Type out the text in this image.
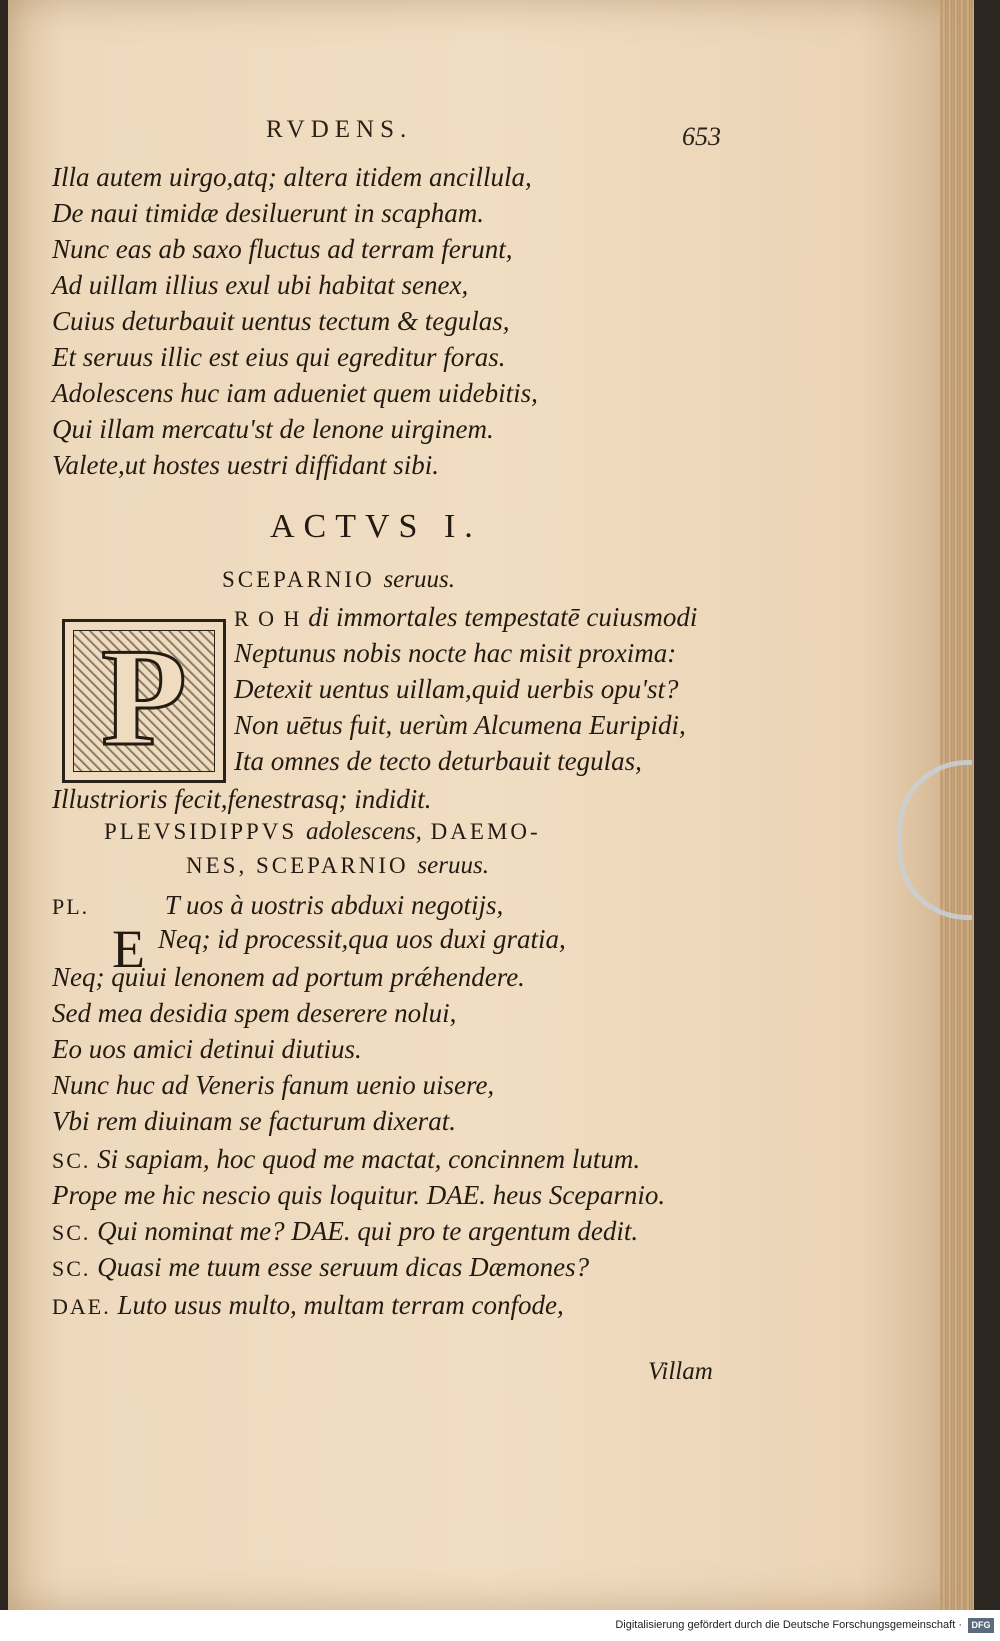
RVDENS.	653
Illa autem uirgo,atq; altera itidem ancillula,
De naui timidæ desiluerunt in scapham.
Nunc eas ab saxo fluctus ad terram ferunt,
Ad uillam illius exul ubi habitat senex,
Cuius deturbauit uentus tectum & tegulas,
Et seruus illic est eius qui egreditur foras.
Adolescens huc iam adueniet quem uidebitis,
Qui illam mercatu'st de lenone uirginem.
Valete,ut hostes uestri diffidant sibi.
ACTVS I.
SCEPARNIO seruus.
P
R O H di immortales tempestatē cuiusmodi
Neptunus nobis nocte hac misit proxima:
Detexit uentus uillam,quid uerbis opu'st?
Non uētus fuit, uerùm Alcumena Euripidi,
Ita omnes de tecto deturbauit tegulas,
Illustrioris fecit,fenestrasq; indidit.
PLEVSIDIPPVS adolescens, DAEMO-
NES, SCEPARNIO seruus.
E
PL.	T uos à uostris abduxi negotijs,
Neq; id processit,qua uos duxi gratia,
Neq; quiui lenonem ad portum prǽhendere.
Sed mea desidia spem deserere nolui,
Eo uos amici detinui diutius.
Nunc huc ad Veneris fanum uenio uisere,
Vbi rem diuinam se facturum dixerat.
SC. Si sapiam, hoc quod me mactat, concinnem lutum.
Prope me hic nescio quis loquitur. DAE. heus Sceparnio.
SC. Qui nominat me? DAE. qui pro te argentum dedit.
SC. Quasi me tuum esse seruum dicas Dæmones?
DAE. Luto usus multo, multam terram confode,
Villam
Digitalisierung gefördert durch die Deutsche Forschungsgemeinschaft ·	DFG
